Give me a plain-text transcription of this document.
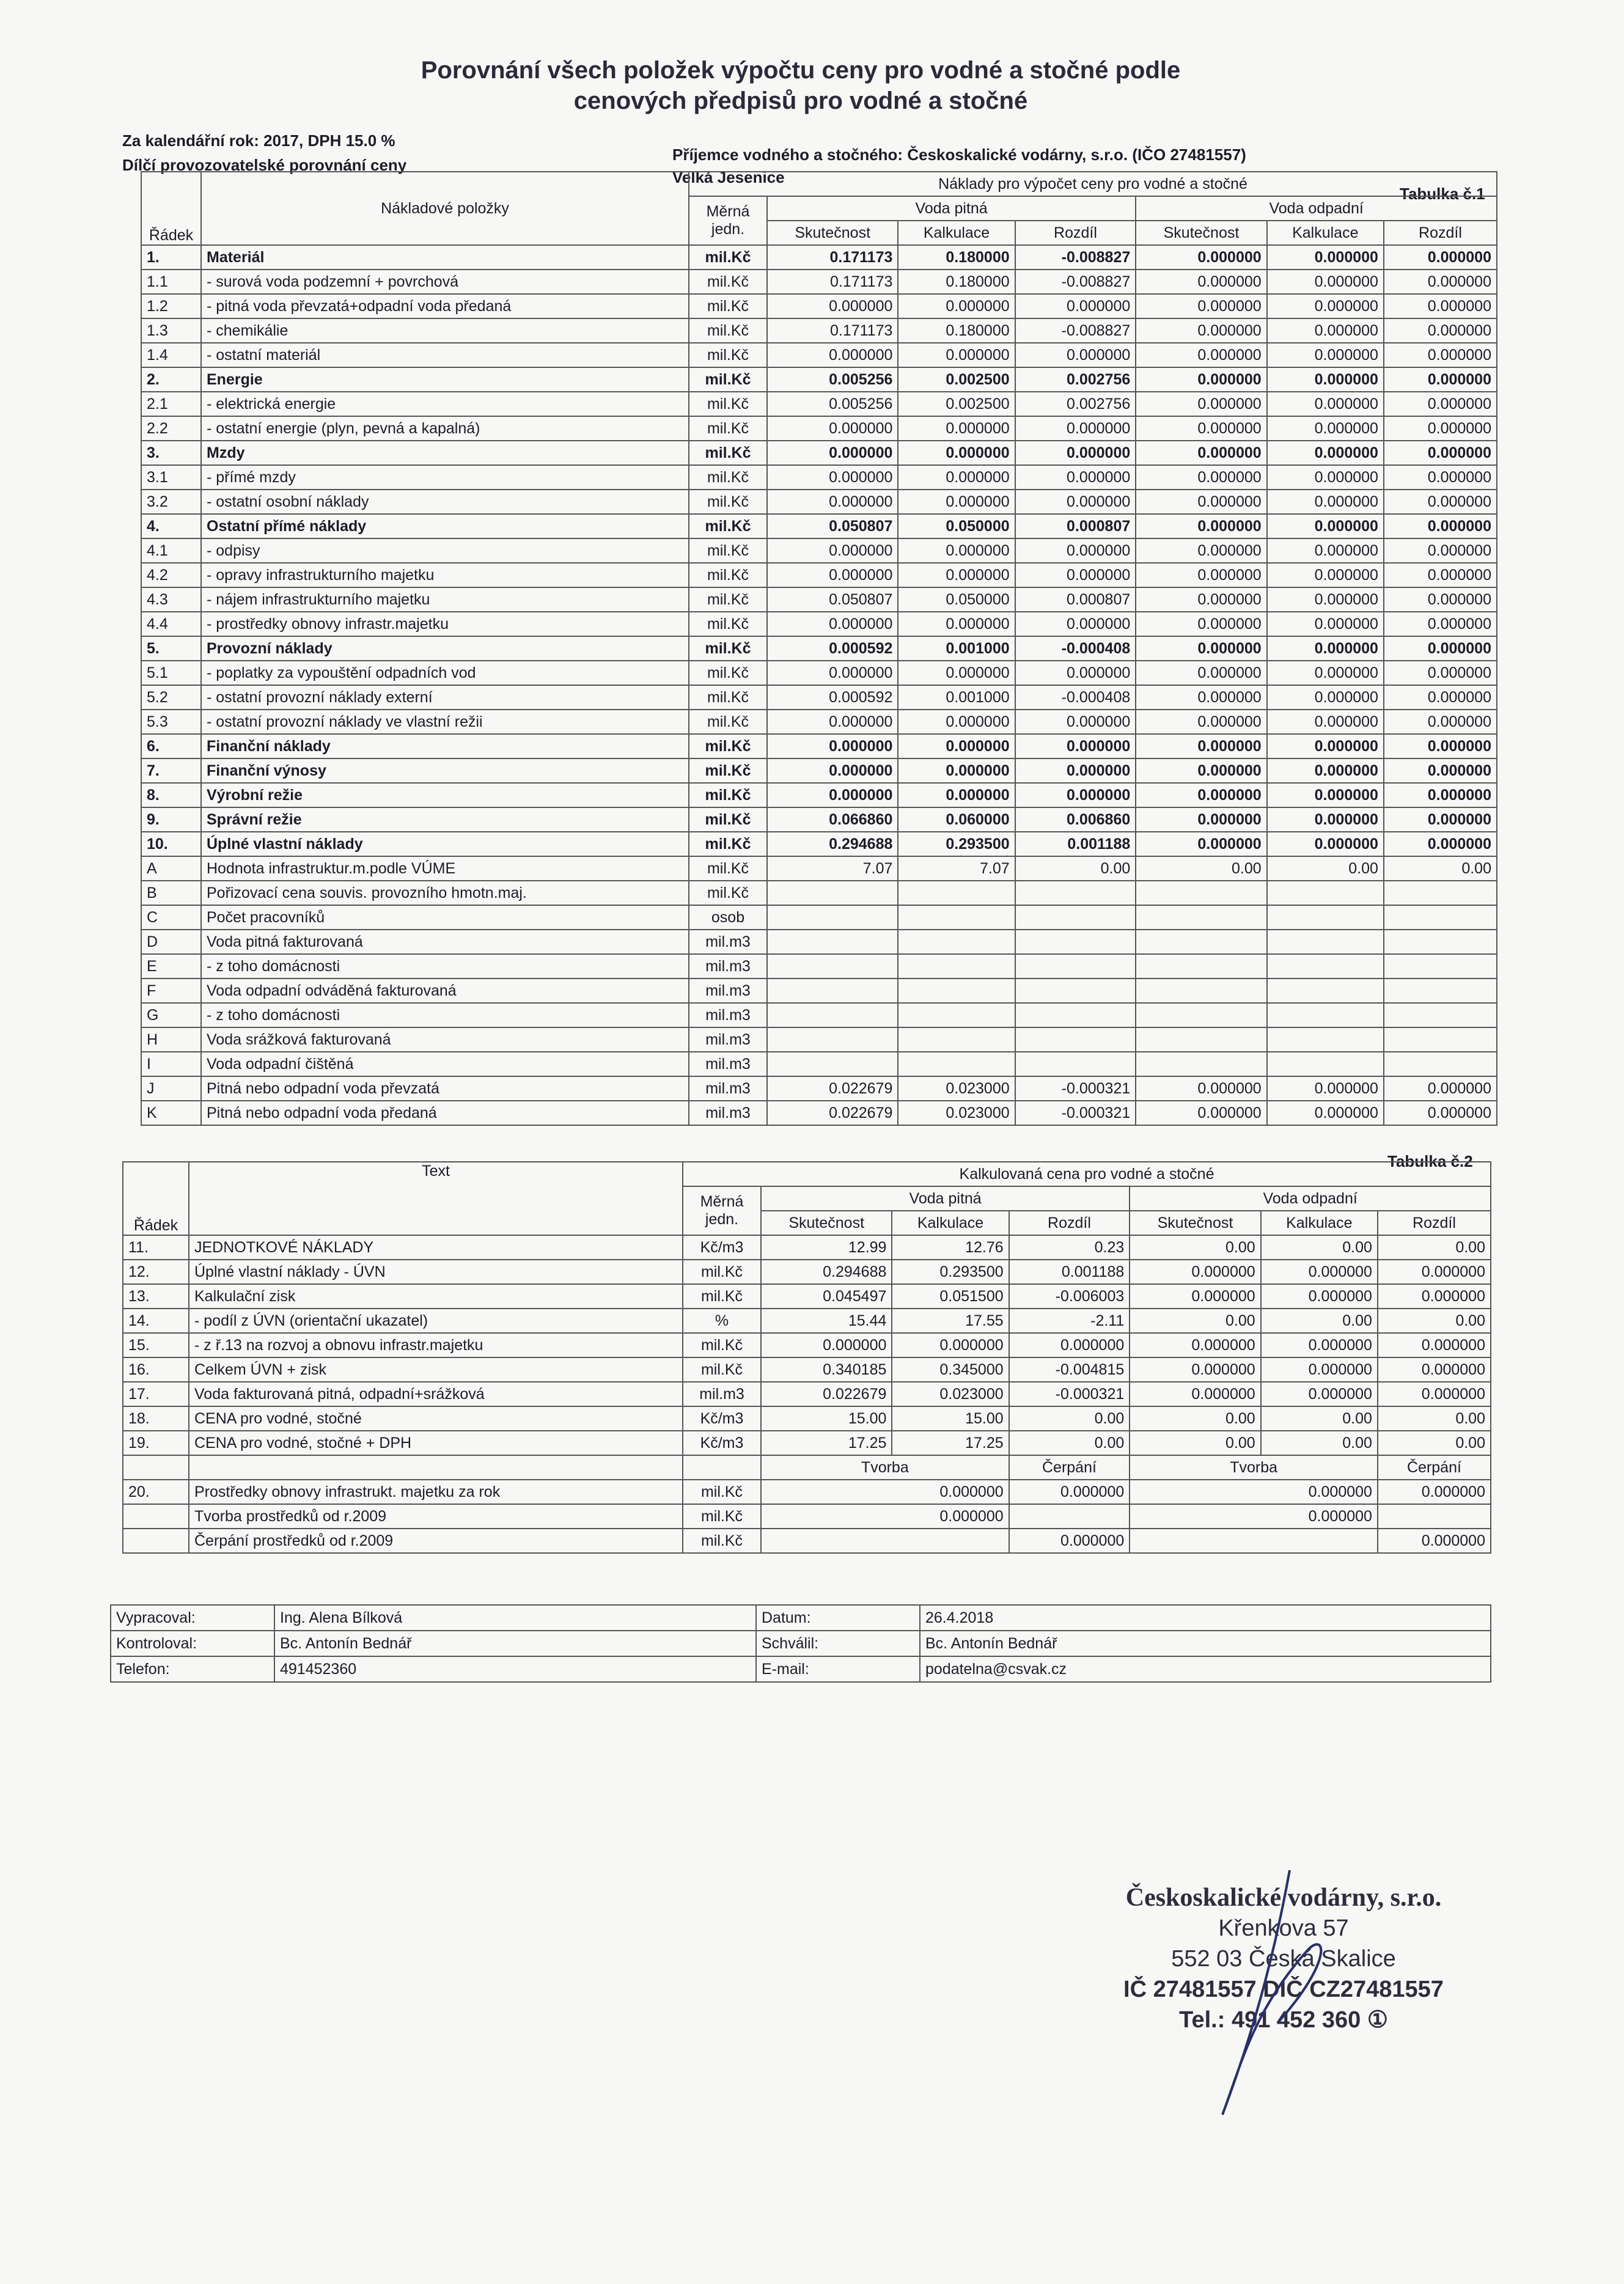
Porovnání všech položek výpočtu ceny pro vodné a stočné podle
cenových předpisů pro vodné a stočné
Za kalendářní rok: 2017, DPH 15.0 %
Dílčí provozovatelské porovnání ceny
Příjemce vodného a stočného: Českoskalické vodárny, s.r.o. (IČO 27481557)
Velká Jesenice
Tabulka č.1
Řádek	Nákladové položky	Náklady pro výpočet ceny pro vodné a stočné						
		Měrná jedn.	Voda pitná			Voda odpadní		
			Skutečnost	Kalkulace	Rozdíl	Skutečnost	Kalkulace	Rozdíl
1.	Materiál	mil.Kč	0.171173	0.180000	-0.008827	0.000000	0.000000	0.000000
1.1	- surová voda podzemní + povrchová	mil.Kč	0.171173	0.180000	-0.008827	0.000000	0.000000	0.000000
1.2	- pitná voda převzatá+odpadní voda předaná	mil.Kč	0.000000	0.000000	0.000000	0.000000	0.000000	0.000000
1.3	- chemikálie	mil.Kč	0.171173	0.180000	-0.008827	0.000000	0.000000	0.000000
1.4	- ostatní materiál	mil.Kč	0.000000	0.000000	0.000000	0.000000	0.000000	0.000000
2.	Energie	mil.Kč	0.005256	0.002500	0.002756	0.000000	0.000000	0.000000
2.1	- elektrická energie	mil.Kč	0.005256	0.002500	0.002756	0.000000	0.000000	0.000000
2.2	- ostatní energie (plyn, pevná a kapalná)	mil.Kč	0.000000	0.000000	0.000000	0.000000	0.000000	0.000000
3.	Mzdy	mil.Kč	0.000000	0.000000	0.000000	0.000000	0.000000	0.000000
3.1	- přímé mzdy	mil.Kč	0.000000	0.000000	0.000000	0.000000	0.000000	0.000000
3.2	- ostatní osobní náklady	mil.Kč	0.000000	0.000000	0.000000	0.000000	0.000000	0.000000
4.	Ostatní přímé náklady	mil.Kč	0.050807	0.050000	0.000807	0.000000	0.000000	0.000000
4.1	- odpisy	mil.Kč	0.000000	0.000000	0.000000	0.000000	0.000000	0.000000
4.2	- opravy infrastrukturního majetku	mil.Kč	0.000000	0.000000	0.000000	0.000000	0.000000	0.000000
4.3	- nájem infrastrukturního majetku	mil.Kč	0.050807	0.050000	0.000807	0.000000	0.000000	0.000000
4.4	- prostředky obnovy infrastr.majetku	mil.Kč	0.000000	0.000000	0.000000	0.000000	0.000000	0.000000
5.	Provozní náklady	mil.Kč	0.000592	0.001000	-0.000408	0.000000	0.000000	0.000000
5.1	- poplatky za vypouštění odpadních vod	mil.Kč	0.000000	0.000000	0.000000	0.000000	0.000000	0.000000
5.2	- ostatní provozní náklady externí	mil.Kč	0.000592	0.001000	-0.000408	0.000000	0.000000	0.000000
5.3	- ostatní provozní náklady ve vlastní režii	mil.Kč	0.000000	0.000000	0.000000	0.000000	0.000000	0.000000
6.	Finanční náklady	mil.Kč	0.000000	0.000000	0.000000	0.000000	0.000000	0.000000
7.	Finanční výnosy	mil.Kč	0.000000	0.000000	0.000000	0.000000	0.000000	0.000000
8.	Výrobní režie	mil.Kč	0.000000	0.000000	0.000000	0.000000	0.000000	0.000000
9.	Správní režie	mil.Kč	0.066860	0.060000	0.006860	0.000000	0.000000	0.000000
10.	Úplné vlastní náklady	mil.Kč	0.294688	0.293500	0.001188	0.000000	0.000000	0.000000
A	Hodnota infrastruktur.m.podle VÚME	mil.Kč	7.07	7.07	0.00	0.00	0.00	0.00
B	Pořizovací cena souvis. provozního hmotn.maj.	mil.Kč						
C	Počet pracovníků	osob						
D	Voda pitná fakturovaná	mil.m3						
E	- z toho domácnosti	mil.m3						
F	Voda odpadní odváděná fakturovaná	mil.m3						
G	- z toho domácnosti	mil.m3						
H	Voda srážková fakturovaná	mil.m3						
I	Voda odpadní čištěná	mil.m3						
J	Pitná nebo odpadní voda převzatá	mil.m3	0.022679	0.023000	-0.000321	0.000000	0.000000	0.000000
K	Pitná nebo odpadní voda předaná	mil.m3	0.022679	0.023000	-0.000321	0.000000	0.000000	0.000000
Tabulka č.2
Řádek	Text	Kalkulovaná cena pro vodné a stočné						
		Měrná jedn.	Voda pitná			Voda odpadní		
			Skutečnost	Kalkulace	Rozdíl	Skutečnost	Kalkulace	Rozdíl
11.	JEDNOTKOVÉ NÁKLADY	Kč/m3	12.99	12.76	0.23	0.00	0.00	0.00
12.	Úplné vlastní náklady - ÚVN	mil.Kč	0.294688	0.293500	0.001188	0.000000	0.000000	0.000000
13.	Kalkulační zisk	mil.Kč	0.045497	0.051500	-0.006003	0.000000	0.000000	0.000000
14.	- podíl z ÚVN (orientační ukazatel)	%	15.44	17.55	-2.11	0.00	0.00	0.00
15.	- z ř.13 na rozvoj a obnovu infrastr.majetku	mil.Kč	0.000000	0.000000	0.000000	0.000000	0.000000	0.000000
16.	Celkem ÚVN + zisk	mil.Kč	0.340185	0.345000	-0.004815	0.000000	0.000000	0.000000
17.	Voda fakturovaná pitná, odpadní+srážková	mil.m3	0.022679	0.023000	-0.000321	0.000000	0.000000	0.000000
18.	CENA pro vodné, stočné	Kč/m3	15.00	15.00	0.00	0.00	0.00	0.00
19.	CENA pro vodné, stočné + DPH	Kč/m3	17.25	17.25	0.00	0.00	0.00	0.00
			Tvorba		Čerpání	Tvorba		Čerpání
20.	Prostředky obnovy infrastrukt. majetku za rok	mil.Kč	0.000000		0.000000	0.000000		0.000000
	Tvorba prostředků od r.2009	mil.Kč	0.000000			0.000000		
	Čerpání prostředků od r.2009	mil.Kč			0.000000			0.000000
Vypracoval:	Ing. Alena Bílková	Datum:	26.4.2018
Kontroloval:	Bc. Antonín Bednář	Schválil:	Bc. Antonín Bednář
Telefon:	491452360	E-mail:	podatelna@csvak.cz
Českoskalické vodárny, s.r.o.
Křenkova 57
552 03 Česká Skalice
IČ 27481557 DIČ CZ27481557
Tel.: 491 452 360 ①
